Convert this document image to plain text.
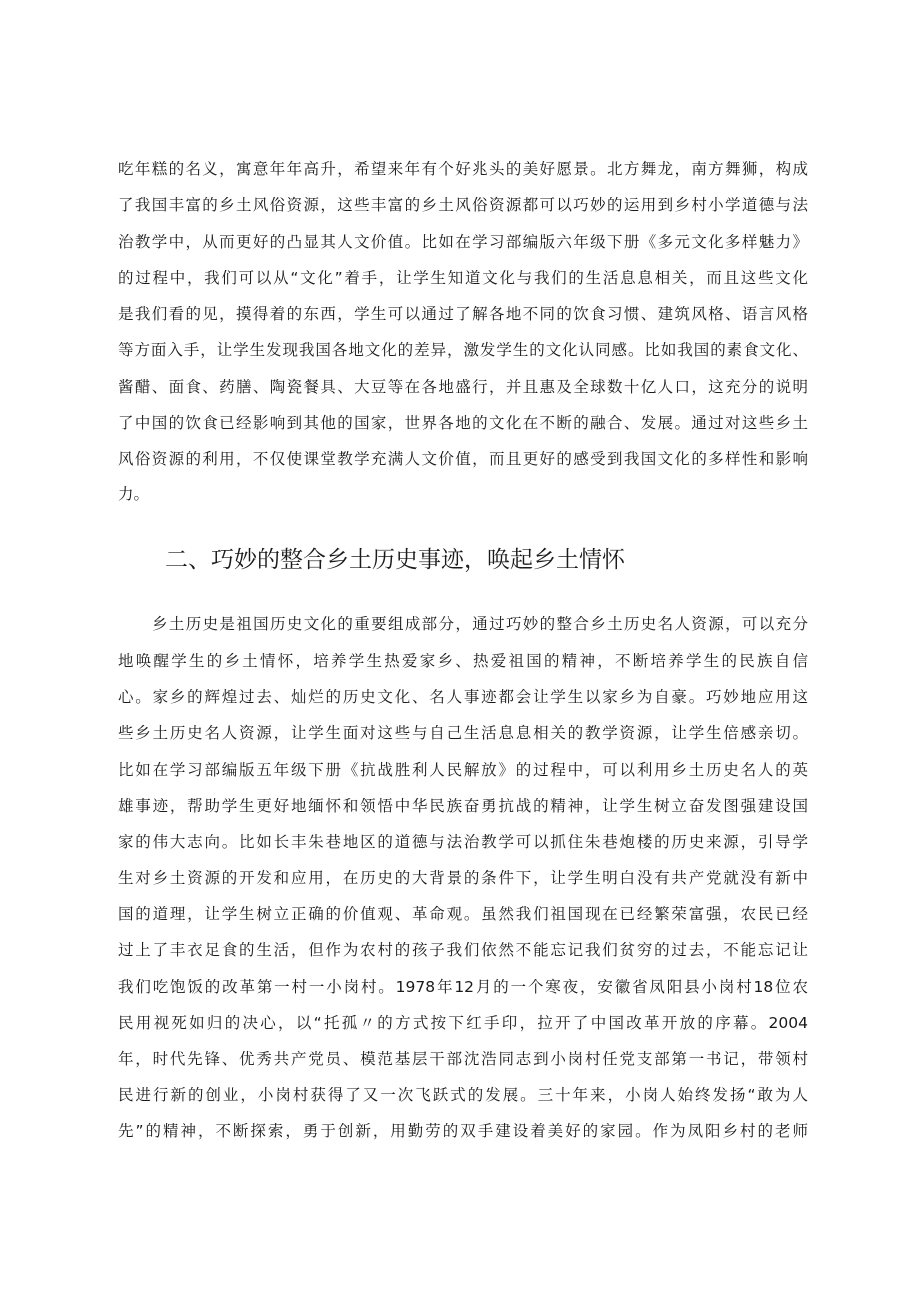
吃年糕的名义，寓意年年高升，希望来年有个好兆头的美好愿景。北方舞龙，南方舞狮，构成

了我国丰富的乡土风俗资源，这些丰富的乡土风俗资源都可以巧妙的运用到乡村小学道德与法

治教学中，从而更好的凸显其人文价值。比如在学习部编版六年级下册《多元文化多样魅力》

的过程中，我们可以从“文化”着手，让学生知道文化与我们的生活息息相关，而且这些文化

是我们看的见，摸得着的东西，学生可以通过了解各地不同的饮食习惯、建筑风格、语言风格

等方面入手，让学生发现我国各地文化的差异，激发学生的文化认同感。比如我国的素食文化、

酱醋、面食、药膳、陶瓷餐具、大豆等在各地盛行，并且惠及全球数十亿人口，这充分的说明

了中国的饮食已经影响到其他的国家，世界各地的文化在不断的融合、发展。通过对这些乡土

风俗资源的利用，不仅使课堂教学充满人文价值，而且更好的感受到我国文化的多样性和影响

力。

二、巧妙的整合乡土历史事迹，唤起乡土情怀

乡土历史是祖国历史文化的重要组成部分，通过巧妙的整合乡土历史名人资源，可以充分

地唤醒学生的乡土情怀，培养学生热爱家乡、热爱祖国的精神，不断培养学生的民族自信

心。家乡的辉煌过去、灿烂的历史文化、名人事迹都会让学生以家乡为自豪。巧妙地应用这

些乡土历史名人资源，让学生面对这些与自己生活息息相关的教学资源，让学生倍感亲切。

比如在学习部编版五年级下册《抗战胜利人民解放》的过程中，可以利用乡土历史名人的英

雄事迹，帮助学生更好地缅怀和领悟中华民族奋勇抗战的精神，让学生树立奋发图强建设国

家的伟大志向。比如长丰朱巷地区的道德与法治教学可以抓住朱巷炮楼的历史来源，引导学

生对乡土资源的开发和应用，在历史的大背景的条件下，让学生明白没有共产党就没有新中

国的道理，让学生树立正确的价值观、革命观。虽然我们祖国现在已经繁荣富强，农民已经

过上了丰衣足食的生活，但作为农村的孩子我们依然不能忘记我们贫穷的过去，不能忘记让

我们吃饱饭的改革第一村一小岗村。1978年12月的一个寒夜，安徽省凤阳县小岗村18位农

民用视死如归的决心，以“托孤〃的方式按下红手印，拉开了中国改革开放的序幕。2004

年，时代先锋、优秀共产党员、模范基层干部沈浩同志到小岗村任党支部第一书记，带领村

民进行新的创业，小岗村获得了又一次飞跃式的发展。三十年来，小岗人始终发扬“敢为人

先”的精神，不断探索，勇于创新，用勤劳的双手建设着美好的家园。作为凤阳乡村的老师
